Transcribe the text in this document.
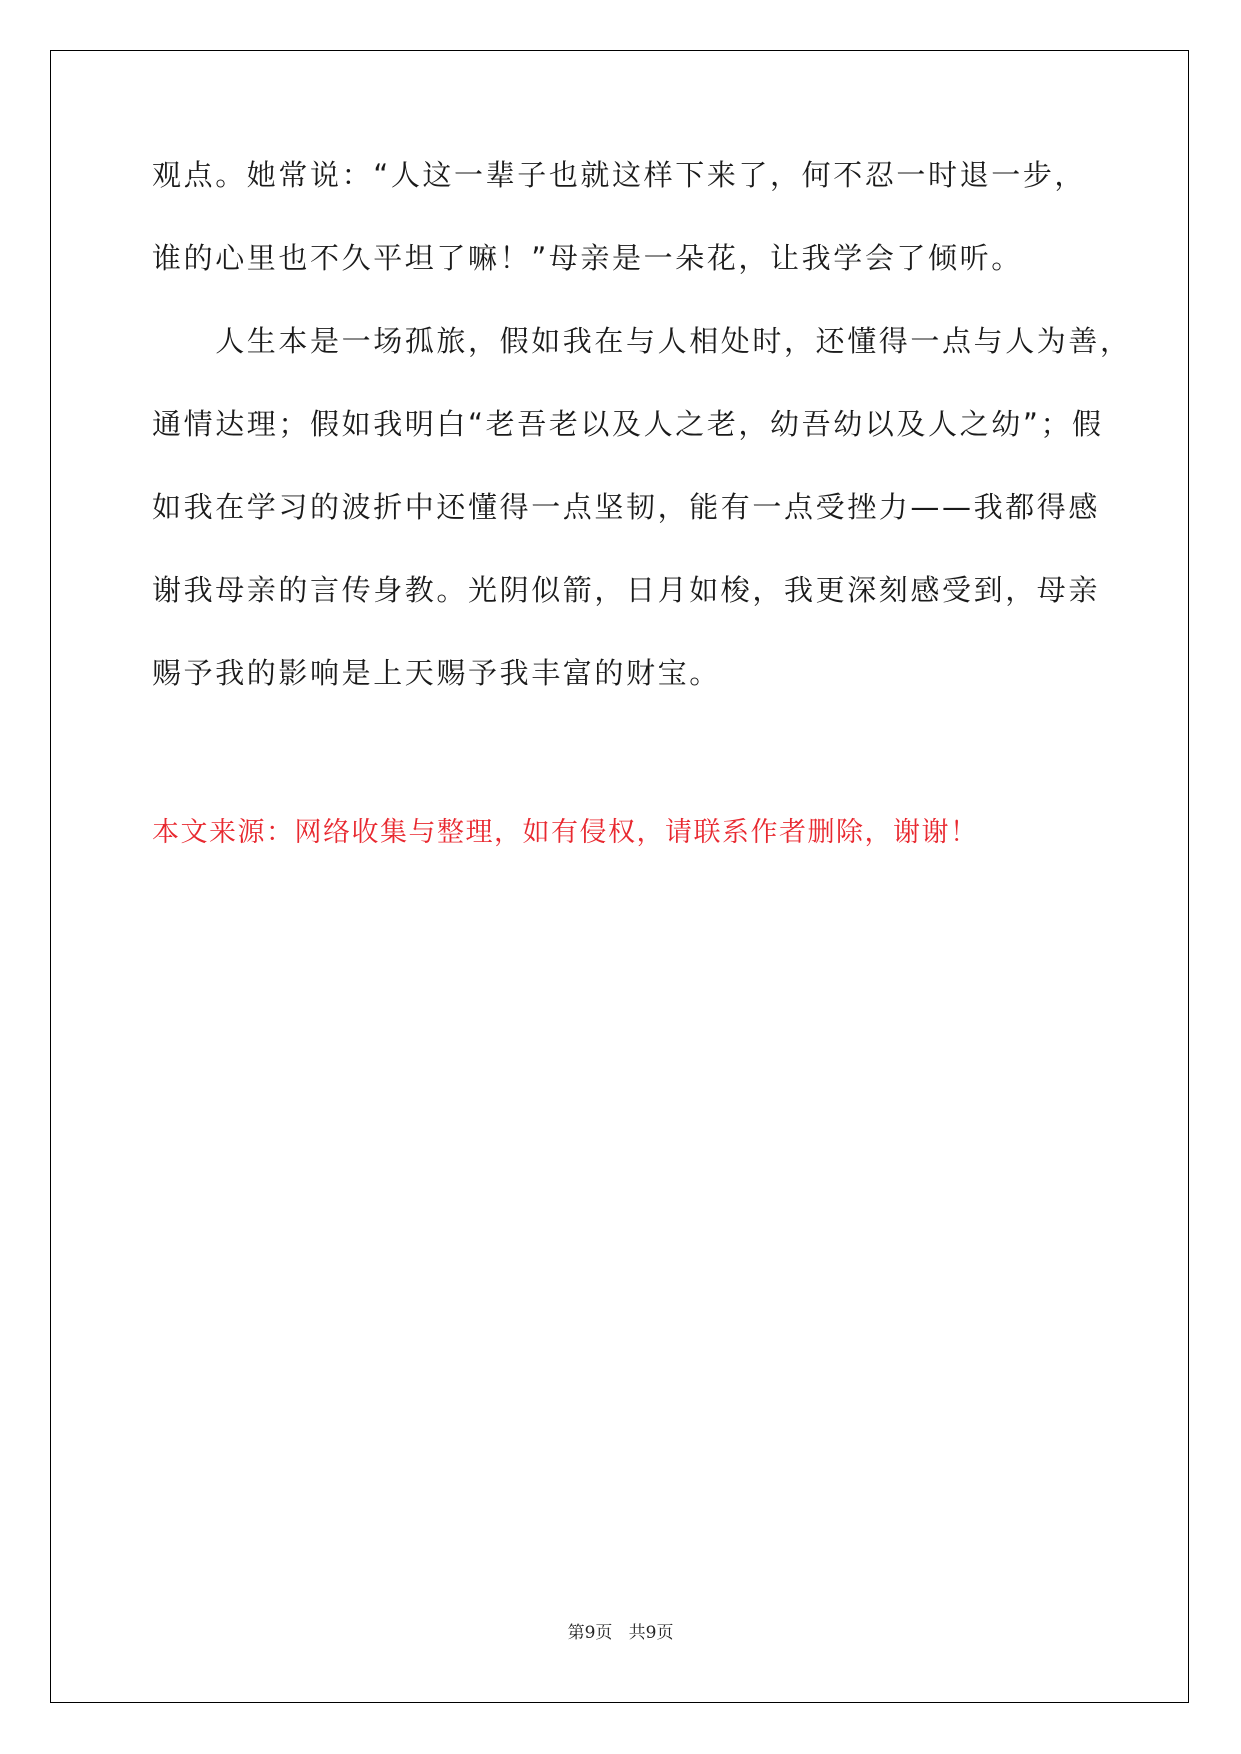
观点。她常说：“人这一辈子也就这样下来了，何不忍一时退一步，
谁的心里也不久平坦了嘛！”母亲是一朵花，让我学会了倾听。
　　人生本是一场孤旅，假如我在与人相处时，还懂得一点与人为善，
通情达理；假如我明白“老吾老以及人之老，幼吾幼以及人之幼”；假
如我在学习的波折中还懂得一点坚韧，能有一点受挫力——我都得感
谢我母亲的言传身教。光阴似箭，日月如梭，我更深刻感受到，母亲
赐予我的影响是上天赐予我丰富的财宝。
本文来源：网络收集与整理，如有侵权，请联系作者删除，谢谢！
第9页 共9页
